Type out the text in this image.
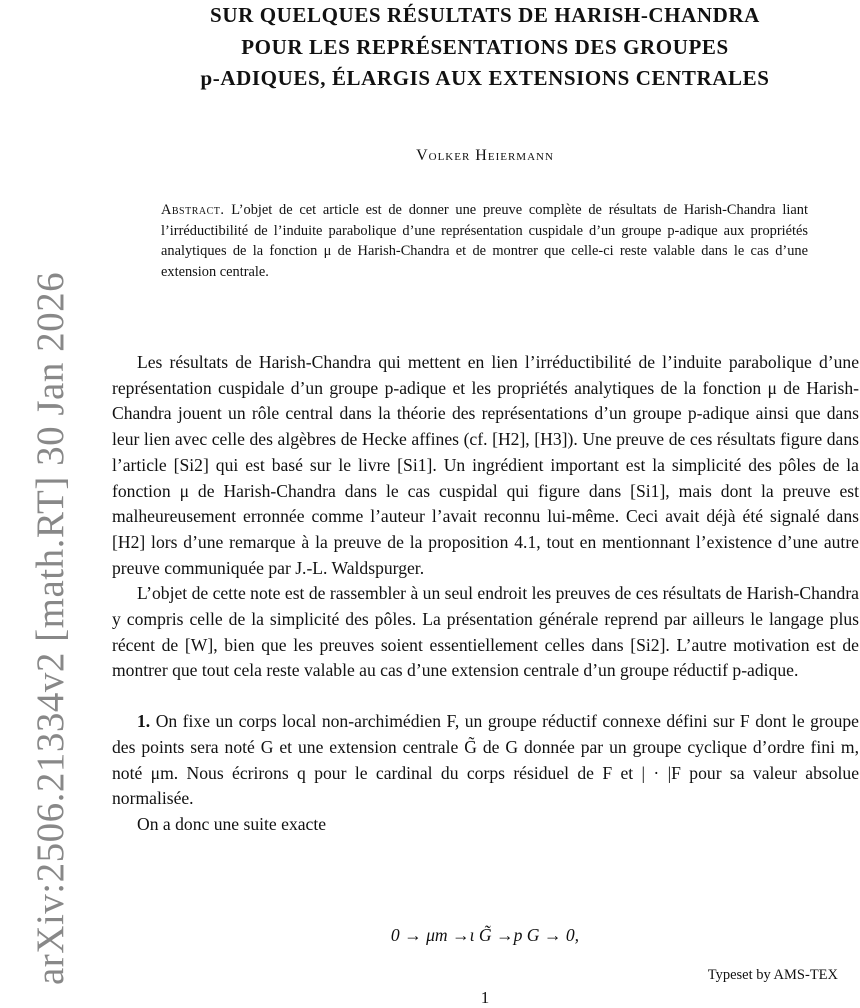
arXiv:2506.21334v2 [math.RT] 30 Jan 2026
SUR QUELQUES RÉSULTATS DE HARISH-CHANDRA
POUR LES REPRÉSENTATIONS DES GROUPES
p-ADIQUES, ÉLARGIS AUX EXTENSIONS CENTRALES
Volker Heiermann
Abstract. L’objet de cet article est de donner une preuve complète de résultats de Harish-Chandra liant l’irréductibilité de l’induite parabolique d’une représentation cuspidale d’un groupe p-adique aux propriétés analytiques de la fonction μ de Harish-Chandra et de montrer que celle-ci reste valable dans le cas d’une extension centrale.

Les résultats de Harish-Chandra qui mettent en lien l’irréductibilité de l’induite parabolique d’une représentation cuspidale d’un groupe p-adique et les propriétés analytiques de la fonction μ de Harish-Chandra jouent un rôle central dans la théorie des représentations d’un groupe p-adique ainsi que dans leur lien avec celle des algèbres de Hecke affines (cf. [H2], [H3]). Une preuve de ces résultats figure dans l’article [Si2] qui est basé sur le livre [Si1]. Un ingrédient important est la simplicité des pôles de la fonction μ de Harish-Chandra dans le cas cuspidal qui figure dans [Si1], mais dont la preuve est malheureusement erronnée comme l’auteur l’avait reconnu lui-même. Ceci avait déjà été signalé dans [H2] lors d’une remarque à la preuve de la proposition 4.1, tout en mentionnant l’existence d’une autre preuve communiquée par J.-L. Waldspurger.

L’objet de cette note est de rassembler à un seul endroit les preuves de ces résultats de Harish-Chandra y compris celle de la simplicité des pôles. La présentation générale reprend par ailleurs le langage plus récent de [W], bien que les preuves soient essentiellement celles dans [Si2]. L’autre motivation est de montrer que tout cela reste valable au cas d’une extension centrale d’un groupe réductif p-adique.

1. On fixe un corps local non-archimédien F, un groupe réductif connexe défini sur F dont le groupe des points sera noté G et une extension centrale G̃ de G donnée par un groupe cyclique d’ordre fini m, noté μm. Nous écrirons q pour le cardinal du corps résiduel de F et | · |F pour sa valeur absolue normalisée.

On a donc une suite exacte

0 → μm →ι G̃ →p G → 0,
Typeset by AMS-TEX
1
